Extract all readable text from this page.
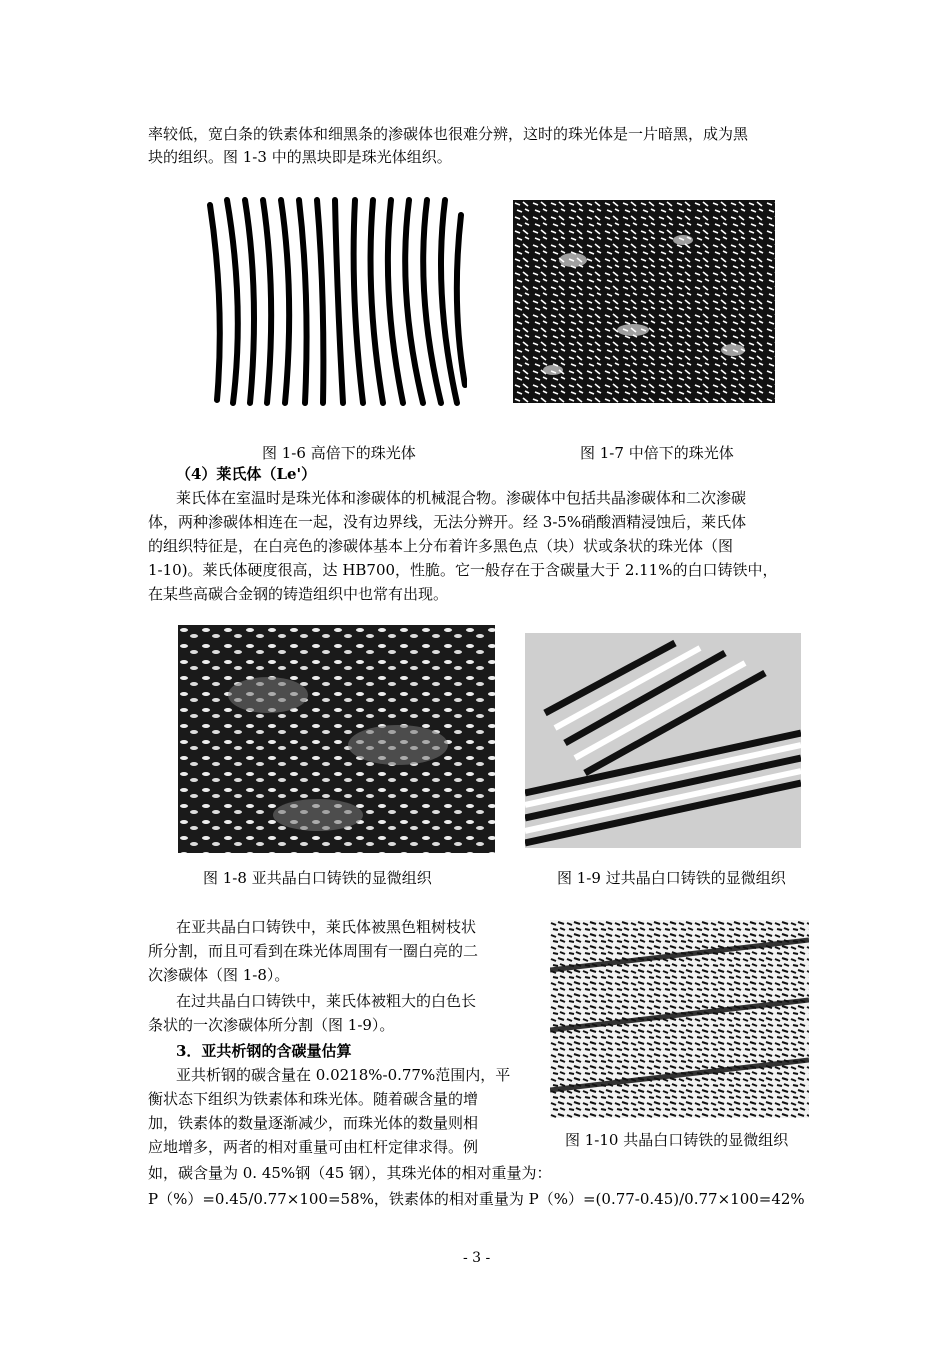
率较低，宽白条的铁素体和细黑条的渗碳体也很难分辨，这时的珠光体是一片暗黑，成为黑
块的组织。图 1-3 中的黑块即是珠光体组织。
图 1-6 高倍下的珠光体	图 1-7 中倍下的珠光体
（4）莱氏体（Le'）
莱氏体在室温时是珠光体和渗碳体的机械混合物。渗碳体中包括共晶渗碳体和二次渗碳
体，两种渗碳体相连在一起，没有边界线，无法分辨开。经 3-5%硝酸酒精浸蚀后，莱氏体
的组织特征是，在白亮色的渗碳体基本上分布着许多黑色点（块）状或条状的珠光体（图
1-10)。莱氏体硬度很高，达 HB700，性脆。它一般存在于含碳量大于 2.11%的白口铸铁中，
在某些高碳合金钢的铸造组织中也常有出现。
图 1-8 亚共晶白口铸铁的显微组织	图 1-9 过共晶白口铸铁的显微组织
在亚共晶白口铸铁中，莱氏体被黑色粗树枝状
所分割，而且可看到在珠光体周围有一圈白亮的二
次渗碳体（图 1-8）。
在过共晶白口铸铁中，莱氏体被粗大的白色长
条状的一次渗碳体所分割（图 1-9）。
3．亚共析钢的含碳量估算
亚共析钢的碳含量在 0.0218%-0.77%范围内，平
衡状态下组织为铁素体和珠光体。随着碳含量的增
加，铁素体的数量逐渐减少，而珠光体的数量则相
应地增多，两者的相对重量可由杠杆定律求得。例
如，碳含量为 0. 45%钢（45 钢），其珠光体的相对重量为：
P（%）=0.45/0.77×100=58%，铁素体的相对重量为 P（%）=(0.77-0.45)/0.77×100=42%
图 1-10 共晶白口铸铁的显微组织
- 3 -
